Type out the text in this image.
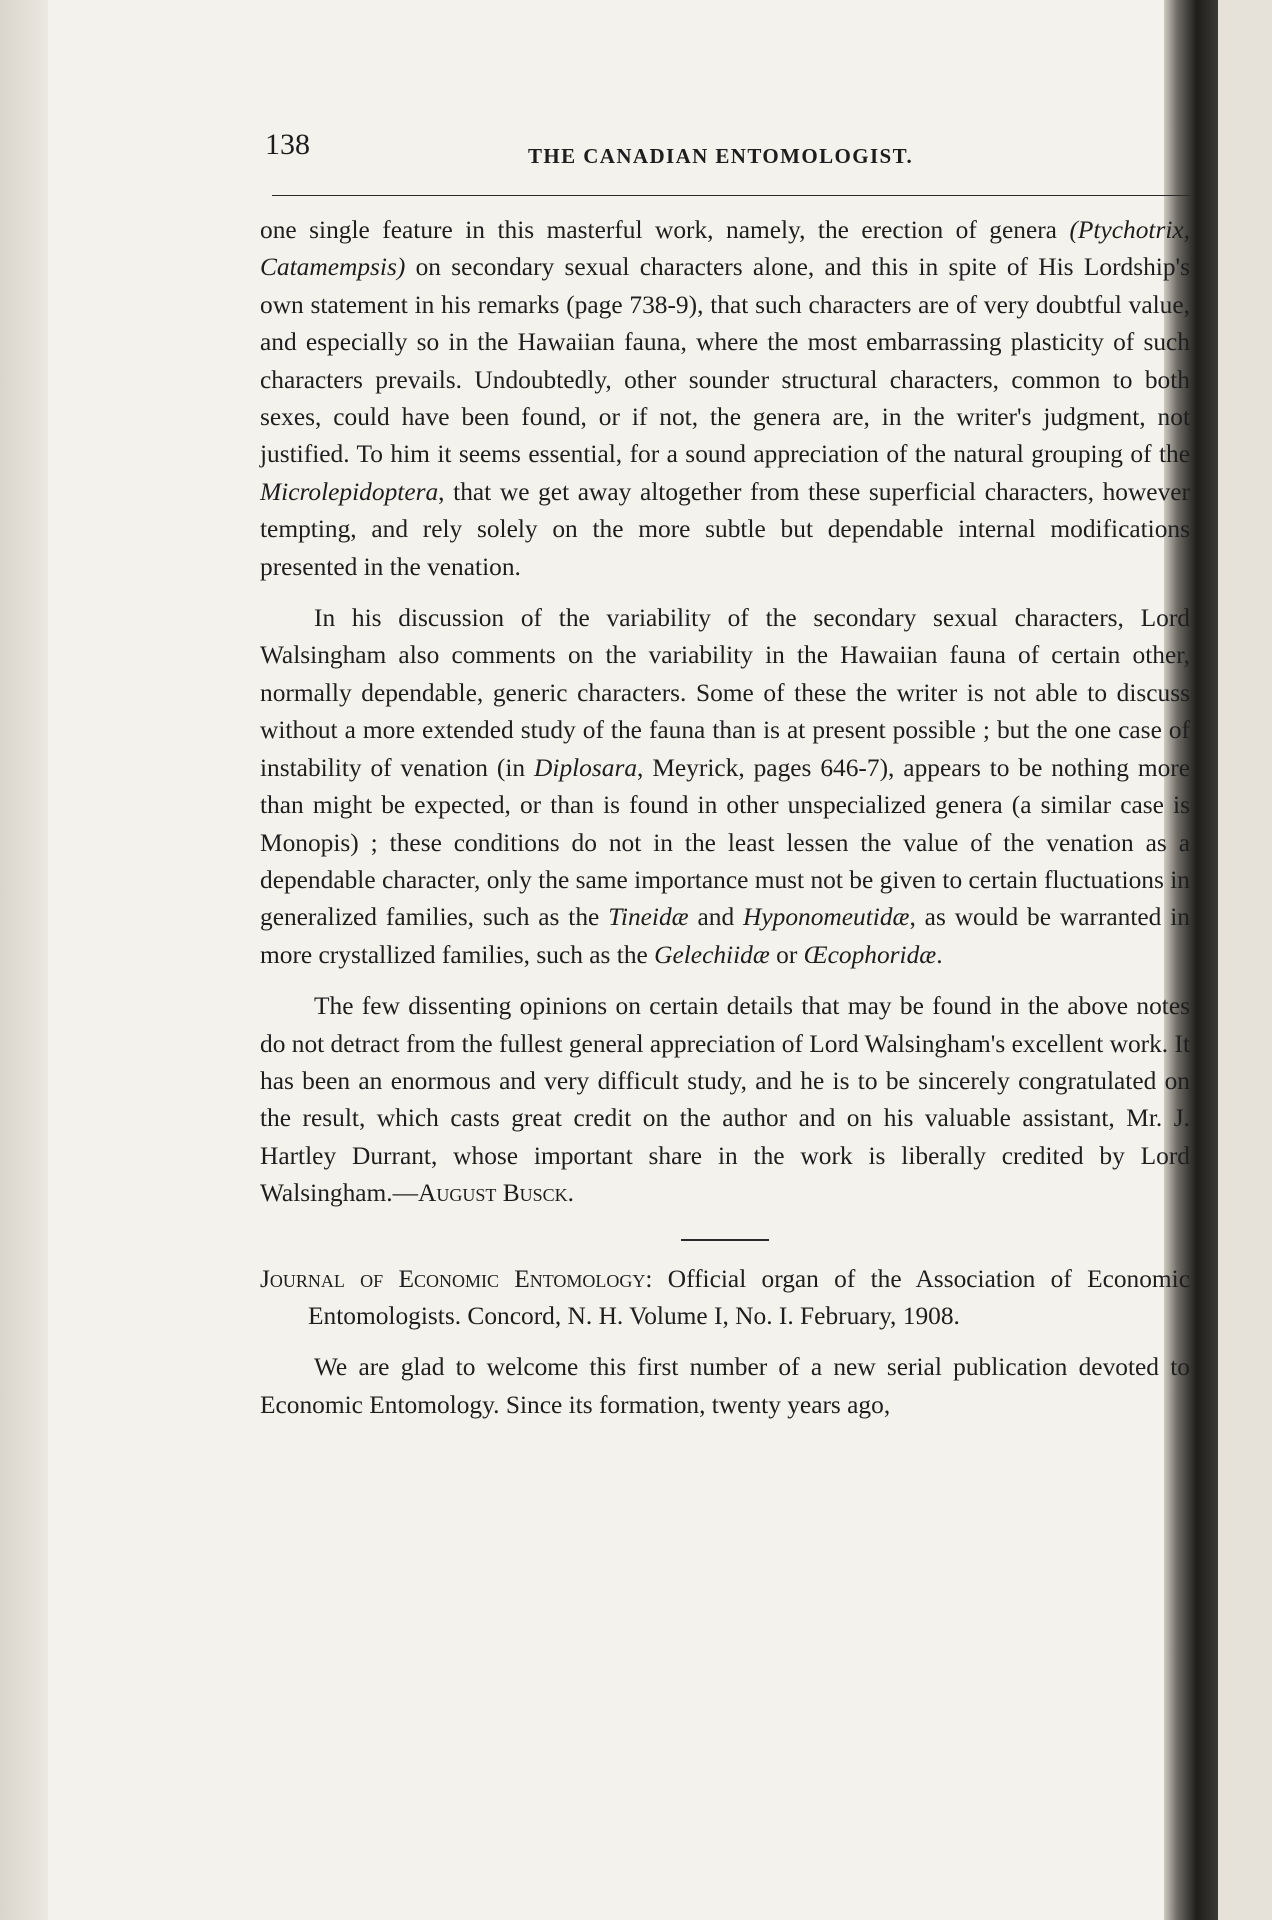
138	THE CANADIAN ENTOMOLOGIST.

one single feature in this masterful work, namely, the erection of genera (Ptychotrix, Catamempsis) on secondary sexual characters alone, and this in spite of His Lordship's own statement in his remarks (page 738-9), that such characters are of very doubtful value, and especially so in the Hawaiian fauna, where the most embarrassing plasticity of such characters prevails. Undoubtedly, other sounder structural characters, common to both sexes, could have been found, or if not, the genera are, in the writer's judgment, not justified. To him it seems essential, for a sound appreciation of the natural grouping of the Microlepidoptera, that we get away altogether from these superficial characters, however tempting, and rely solely on the more subtle but dependable internal modifications presented in the venation.

In his discussion of the variability of the secondary sexual characters, Lord Walsingham also comments on the variability in the Hawaiian fauna of certain other, normally dependable, generic characters. Some of these the writer is not able to discuss without a more extended study of the fauna than is at present possible ; but the one case of instability of venation (in Diplosara, Meyrick, pages 646-7), appears to be nothing more than might be expected, or than is found in other unspecialized genera (a similar case is Monopis) ; these conditions do not in the least lessen the value of the venation as a dependable character, only the same importance must not be given to certain fluctuations in generalized families, such as the Tineidæ and Hyponomeutidæ, as would be warranted in more crystallized families, such as the Gelechiidæ or Œcophoridæ.

The few dissenting opinions on certain details that may be found in the above notes do not detract from the fullest general appreciation of Lord Walsingham's excellent work. It has been an enormous and very difficult study, and he is to be sincerely congratulated on the result, which casts great credit on the author and on his valuable assistant, Mr. J. Hartley Durrant, whose important share in the work is liberally credited by Lord Walsingham.—August Busck.

Journal of Economic Entomology: Official organ of the Association of Economic Entomologists. Concord, N. H. Volume I, No. I. February, 1908.

We are glad to welcome this first number of a new serial publication devoted to Economic Entomology. Since its formation, twenty years ago,
